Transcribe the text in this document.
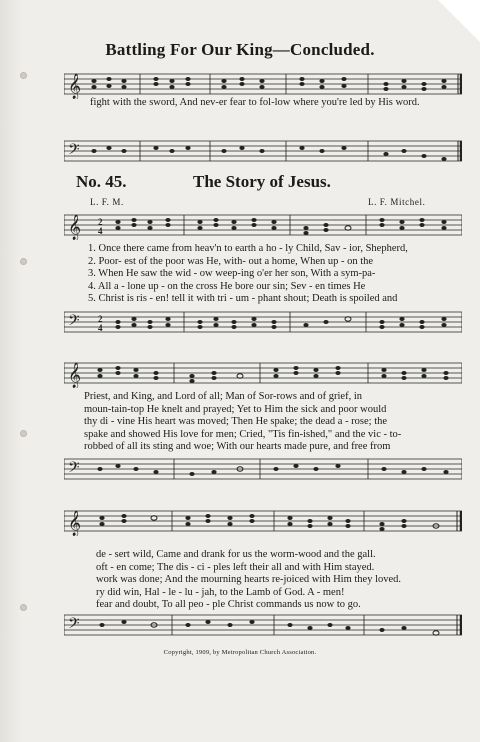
Battling For Our King—Concluded.
𝄞
fight with the sword, And nev-er fear to fol-low where you're led by His word.
𝄢
No. 45.	The Story of Jesus.
L. F. M.	L. F. Mitchel.
𝄞 2
4
1. Once there came from heav'n to earth a ho - ly Child, Sav - ior, Shepherd,
2. Poor- est of the poor was He, with- out a home, When up - on the
3. When He saw the wid - ow weep-ing o'er her son, With a sym-pa-
4. All a - lone up - on the cross He bore our sin; Sev - en times He
5. Christ is ris - en! tell it with tri - um - phant shout; Death is spoiled and
𝄢 2
4
𝄞
Priest, and King, and Lord of all; Man of Sor-rows and of grief, in
moun-tain-top He knelt and prayed; Yet to Him the sick and poor would
thy di - vine His heart was moved; Then He spake; the dead a - rose; the
spake and showed His love for men; Cried, "Tis fin-ished," and the vic - to-
robbed of all its sting and woe; With our hearts made pure, and free from
𝄢
𝄞
de - sert wild, Came and drank for us the worm-wood and the gall.
oft - en come; The dis - ci - ples left their all and with Him stayed.
work was done; And the mourning hearts re-joiced with Him they loved.
ry did win, Hal - le - lu - jah, to the Lamb of God. A - men!
fear and doubt, To all peo - ple Christ commands us now to go.
𝄢
Copyright, 1909, by Metropolitan Church Association.
